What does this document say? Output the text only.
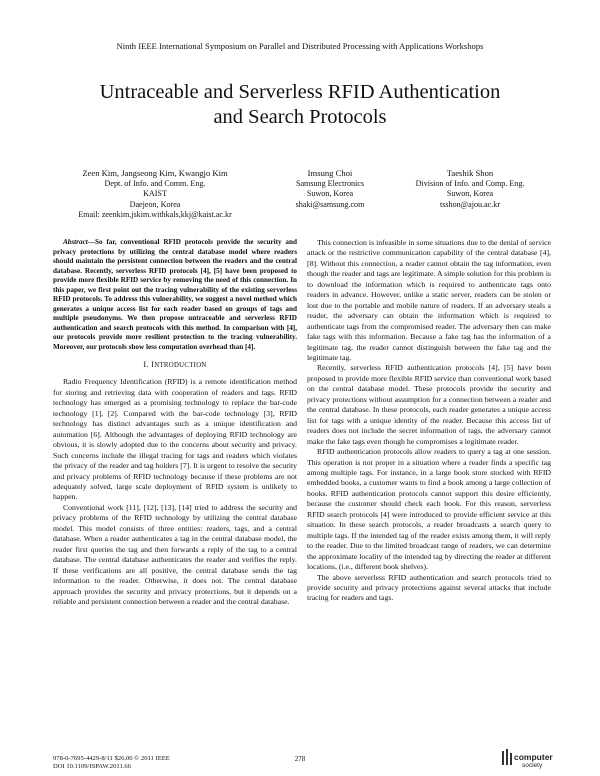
Ninth IEEE International Symposium on Parallel and Distributed Processing with Applications Workshops
Untraceable and Serverless RFID Authentication
and Search Protocols
Zeen Kim, Jangseong Kim, Kwangjo Kim
Dept. of Info. and Comm. Eng.
KAIST
Daejeon, Korea
Email: zeenkim,jskim.withkals,kkj@kaist.ac.kr
Imsung Choi
Samsung Electronics
Suwon, Korea
shaki@samsung.com
Taeshik Shon
Division of Info. and Comp. Eng.
Suwon, Korea
tsshon@ajou.ac.kr

Abstract—So far, conventional RFID protocols provide the security and privacy protections by utilizing the central database model where readers should maintain the persistent connection between the readers and the central database. Recently, serverless RFID protocols [4], [5] have been proposed to provide more flexible RFID service by removing the need of this connection. In this paper, we first point out the tracing vulnerability of the existing serverless RFID protocols. To address this vulnerability, we suggest a novel method which generates a unique access list for each reader based on groups of tags and multiple pseudonyms. We then propose untraceable and serverless RFID authentication and search protocols with this method. In comparison with [4], our protocols provide more resilient protection to the tracing vulnerability. Moreover, our protocols show less computation overhead than [4].

I. INTRODUCTION

Radio Frequency Identification (RFID) is a remote identification method for storing and retrieving data with cooperation of readers and tags. RFID technology has emerged as a promising technology to replace the bar-code technology [1], [2]. Compared with the bar-code technology [3], RFID technology has distinct advantages such as a unique identification and automation [6]. Although the advantages of deploying RFID technology are obvious, it is slowly adopted due to the concerns about security and privacy. Such concerns include the illegal tracing for tags and readers which violates the privacy of the reader and tag holders [7]. It is urgent to resolve the security and privacy problems of RFID technology because if these problems are not adequately solved, large scale deployment of RFID system is unlikely to happen.

Conventional work [11], [12], [13], [14] tried to address the security and privacy problems of the RFID technology by utilizing the central database model. This model consists of three entities: readers, tags, and a central database. When a reader authenticates a tag in the central database model, the reader first queries the tag and then forwards a reply of the tag to a central database. The central database authenticates the reader and verifies the reply. If these verifications are all positive, the central database sends the tag information to the reader. Otherwise, it does not. The central database approach provides the security and privacy protections, but it depends on a reliable and persistent connection between a reader and the central database.

This connection is infeasible in some situations due to the denial of service attack or the restrictive communication capability of the central database [4], [8]. Without this connection, a reader cannot obtain the tag information, even though the reader and tags are legitimate. A simple solution for this problem is to download the information which is required to authenticate tags onto readers in advance. However, unlike a static server, readers can be stolen or lost due to the portable and mobile nature of readers. If an adversary steals a reader, the adversary can obtain the information which is required to authenticate tags from the compromised reader. The adversary then can make fake tags with this information. Because a fake tag has the information of a legitimate tag, the reader cannot distinguish between the fake tag and the legitimate tag.

Recently, serverless RFID authentication protocols [4], [5] have been proposed to provide more flexible RFID service than conventional work based on the central database model. These protocols provide the security and privacy protections without assumption for a connection between a reader and the central database. In these protocols, each reader generates a unique access list for tags with a unique identity of the reader. Because this access list of readers does not include the secret information of tags, the adversary cannot make the fake tags even though he compromises a legitimate reader.

RFID authentication protocols allow readers to query a tag at one session. This operation is not proper in a situation where a reader finds a specific tag among multiple tags. For instance, in a large book store stocked with RFID embedded books, a customer wants to find a book among a large collection of books. RFID authentication protocols cannot support this desire efficiently, because the customer should check each book. For this reason, serverless RFID search protocols [4] were introduced to provide efficient service at this situation. In these search protocols, a reader broadcasts a search query to multiple tags. If the intended tag of the reader exists among them, it will reply to the reader. Due to the limited broadcast range of readers, we can determine the approximate locality of the intended tag by directing the reader at different locations, (i.e., different book shelves).

The above serverless RFID authentication and search protocols tried to provide security and privacy protections against several attacks that include tracing for readers and tags.

978-0-7695-4429-8/11 $26.00 © 2011 IEEE
DOI 10.1109/ISPAW.2011.66
278	computer
society
